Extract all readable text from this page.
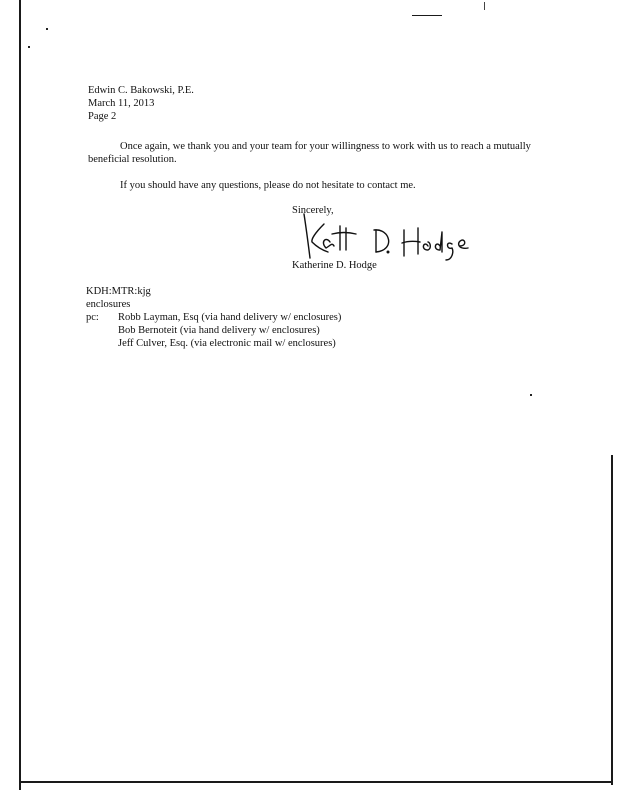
Edwin C. Bakowski, P.E.
March 11, 2013
Page 2
Once again, we thank you and your team for your willingness to work with us to reach a mutually beneficial resolution.
If you should have any questions, please do not hesitate to contact me.
Sincerely,
Katherine D. Hodge
KDH:MTR:kjg
enclosures
pc:	Robb Layman, Esq (via hand delivery w/ enclosures)
Bob Bernoteit (via hand delivery w/ enclosures)
Jeff Culver, Esq. (via electronic mail w/ enclosures)
